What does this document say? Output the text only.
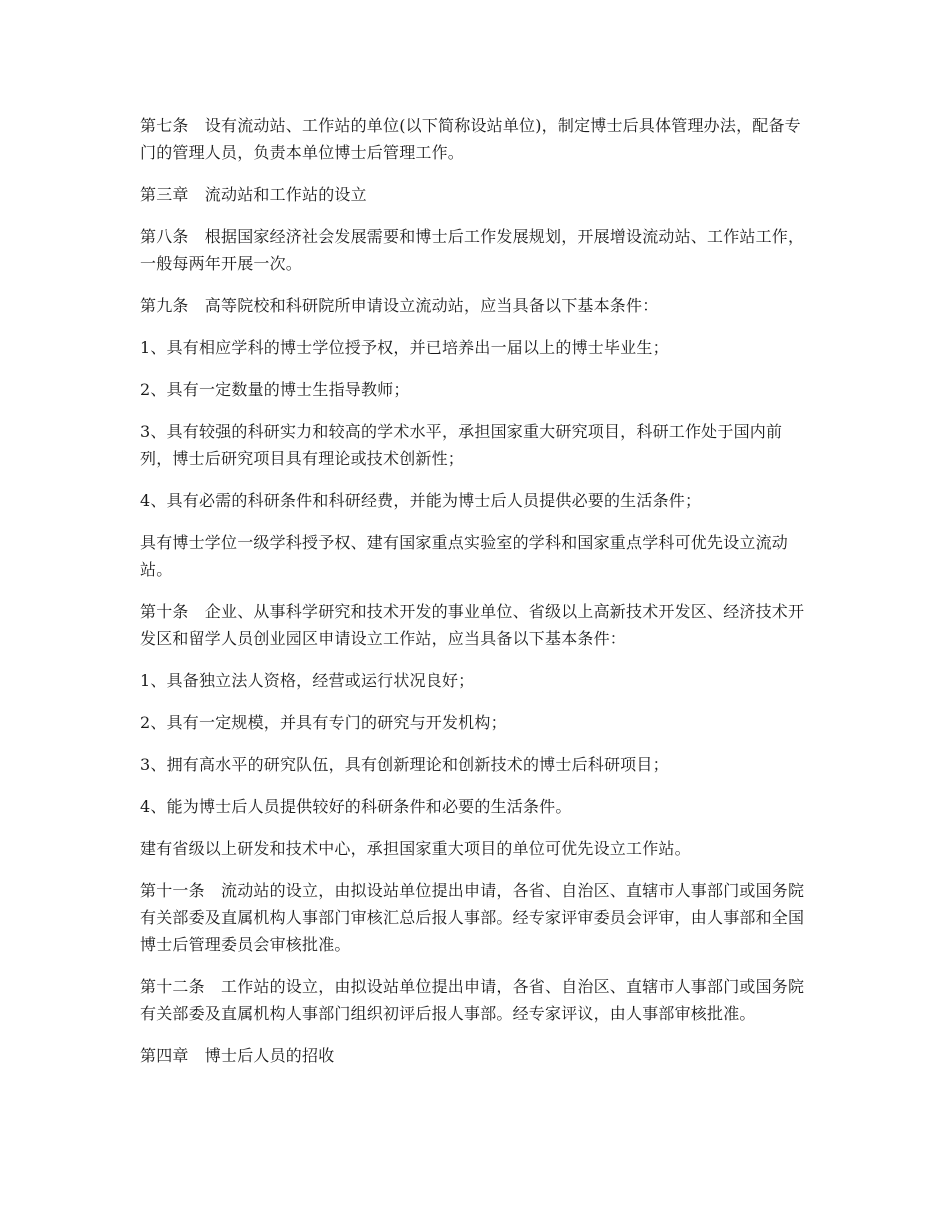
第七条　设有流动站、工作站的单位(以下简称设站单位)，制定博士后具体管理办法，配备专门的管理人员，负责本单位博士后管理工作。

第三章　流动站和工作站的设立

第八条　根据国家经济社会发展需要和博士后工作发展规划，开展增设流动站、工作站工作，一般每两年开展一次。

第九条　高等院校和科研院所申请设立流动站，应当具备以下基本条件：

1、具有相应学科的博士学位授予权，并已培养出一届以上的博士毕业生；

2、具有一定数量的博士生指导教师；

3、具有较强的科研实力和较高的学术水平，承担国家重大研究项目，科研工作处于国内前列，博士后研究项目具有理论或技术创新性；

4、具有必需的科研条件和科研经费，并能为博士后人员提供必要的生活条件；

具有博士学位一级学科授予权、建有国家重点实验室的学科和国家重点学科可优先设立流动站。

第十条　企业、从事科学研究和技术开发的事业单位、省级以上高新技术开发区、经济技术开发区和留学人员创业园区申请设立工作站，应当具备以下基本条件：

1、具备独立法人资格，经营或运行状况良好；

2、具有一定规模，并具有专门的研究与开发机构；

3、拥有高水平的研究队伍，具有创新理论和创新技术的博士后科研项目；

4、能为博士后人员提供较好的科研条件和必要的生活条件。

建有省级以上研发和技术中心，承担国家重大项目的单位可优先设立工作站。

第十一条　流动站的设立，由拟设站单位提出申请，各省、自治区、直辖市人事部门或国务院有关部委及直属机构人事部门审核汇总后报人事部。经专家评审委员会评审，由人事部和全国博士后管理委员会审核批准。

第十二条　工作站的设立，由拟设站单位提出申请，各省、自治区、直辖市人事部门或国务院有关部委及直属机构人事部门组织初评后报人事部。经专家评议，由人事部审核批准。

第四章　博士后人员的招收
